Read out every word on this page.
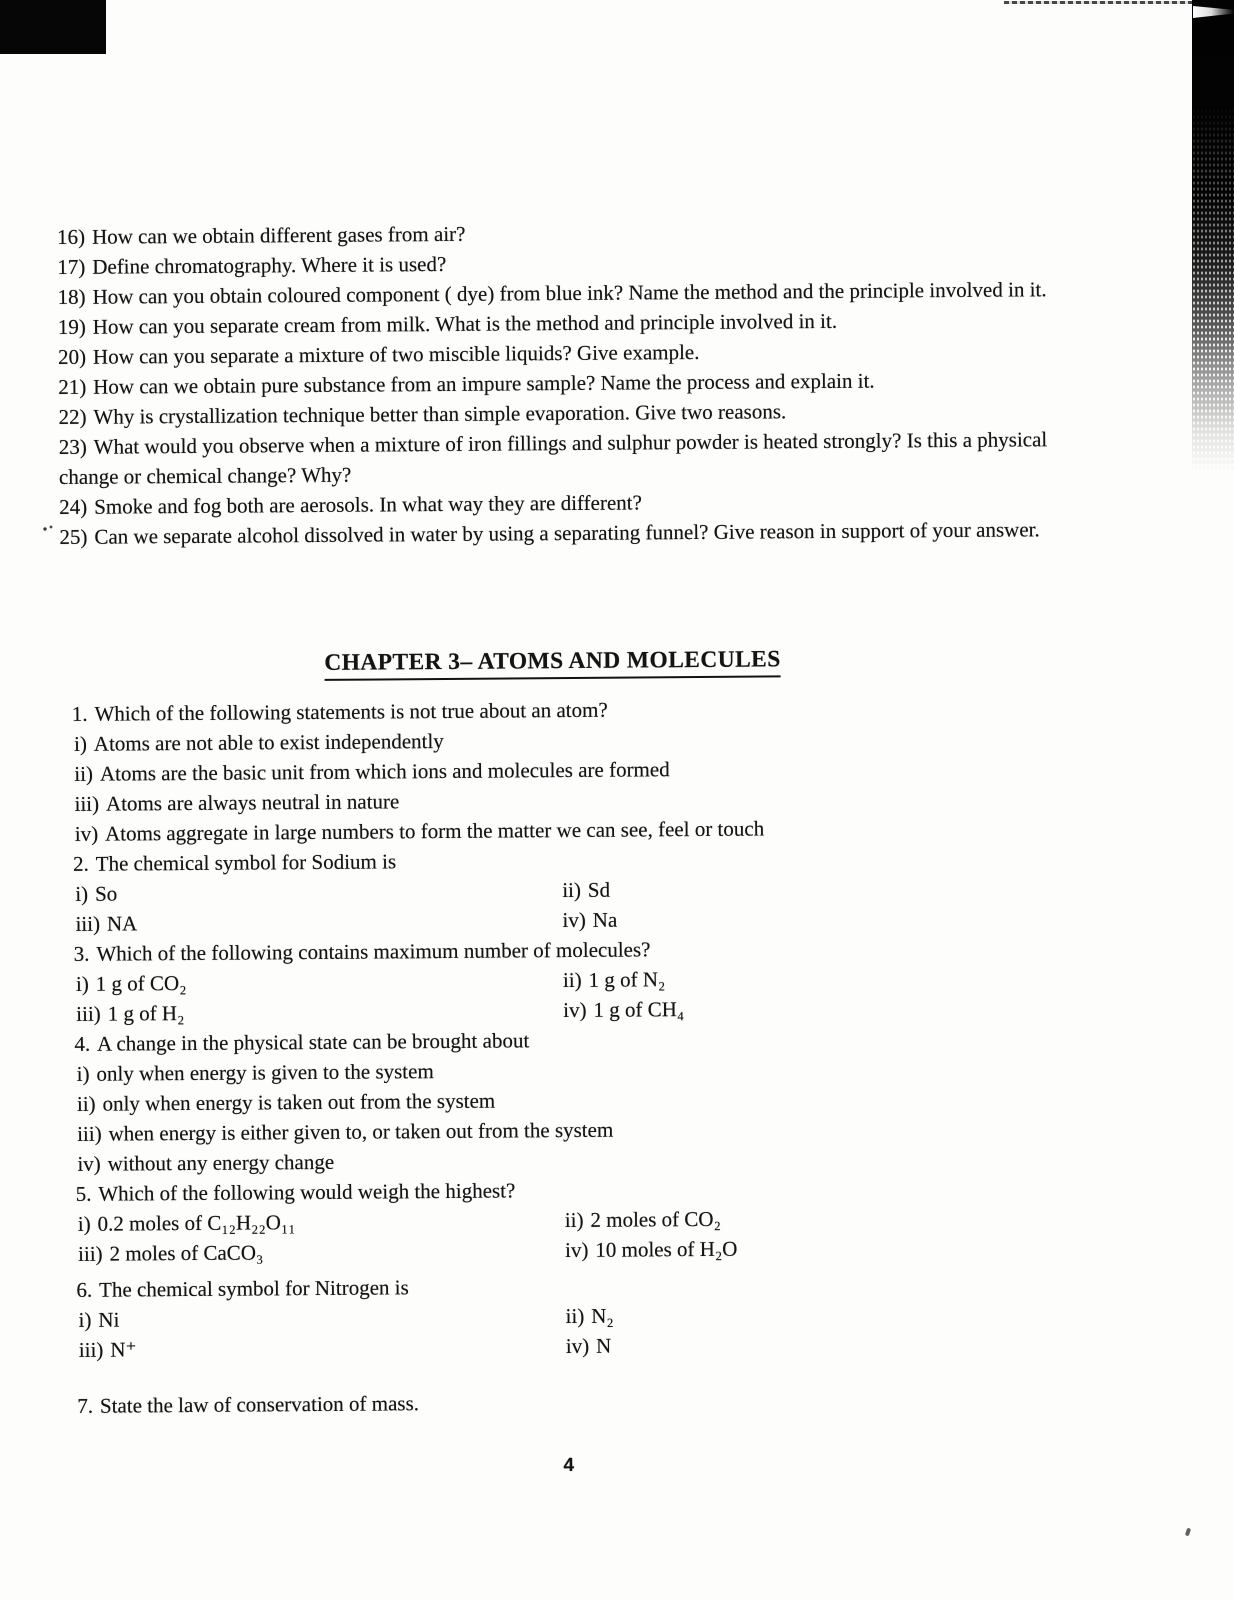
16) How can we obtain different gases from air?

17) Define chromatography. Where it is used?

18) How can you obtain coloured component ( dye) from blue ink? Name the method and the principle involved in it.

19) How can you separate cream from milk. What is the method and principle involved in it.

20) How can you separate a mixture of two miscible liquids? Give example.

21) How can we obtain pure substance from an impure sample? Name the process and explain it.

22) Why is crystallization technique better than simple evaporation. Give two reasons.

23) What would you observe when a mixture of iron fillings and sulphur powder is heated strongly? Is this a physical change or chemical change? Why?

24) Smoke and fog both are aerosols. In what way they are different?

25) Can we separate alcohol dissolved in water by using a separating funnel? Give reason in support of your answer.

CHAPTER 3– ATOMS AND MOLECULES

1. Which of the following statements is not true about an atom?

i) Atoms are not able to exist independently
ii) Atoms are the basic unit from which ions and molecules are formed
iii) Atoms are always neutral in nature
iv) Atoms aggregate in large numbers to form the matter we can see, feel or touch

2. The chemical symbol for Sodium is

i) So	ii) Sd
iii) NA	iv) Na

3. Which of the following contains maximum number of molecules?

i) 1 g of CO₂	ii) 1 g of N₂
iii) 1 g of H₂	iv) 1 g of CH₄

4. A change in the physical state can be brought about

i) only when energy is given to the system
ii) only when energy is taken out from the system
iii) when energy is either given to, or taken out from the system
iv) without any energy change

5. Which of the following would weigh the highest?

i) 0.2 moles of C₁₂H₂₂O₁₁	ii) 2 moles of CO₂
iii) 2 moles of CaCO₃	iv) 10 moles of H₂O

6. The chemical symbol for Nitrogen is

i) Ni	ii) N₂
iii) N⁺	iv) N

7. State the law of conservation of mass.

4
